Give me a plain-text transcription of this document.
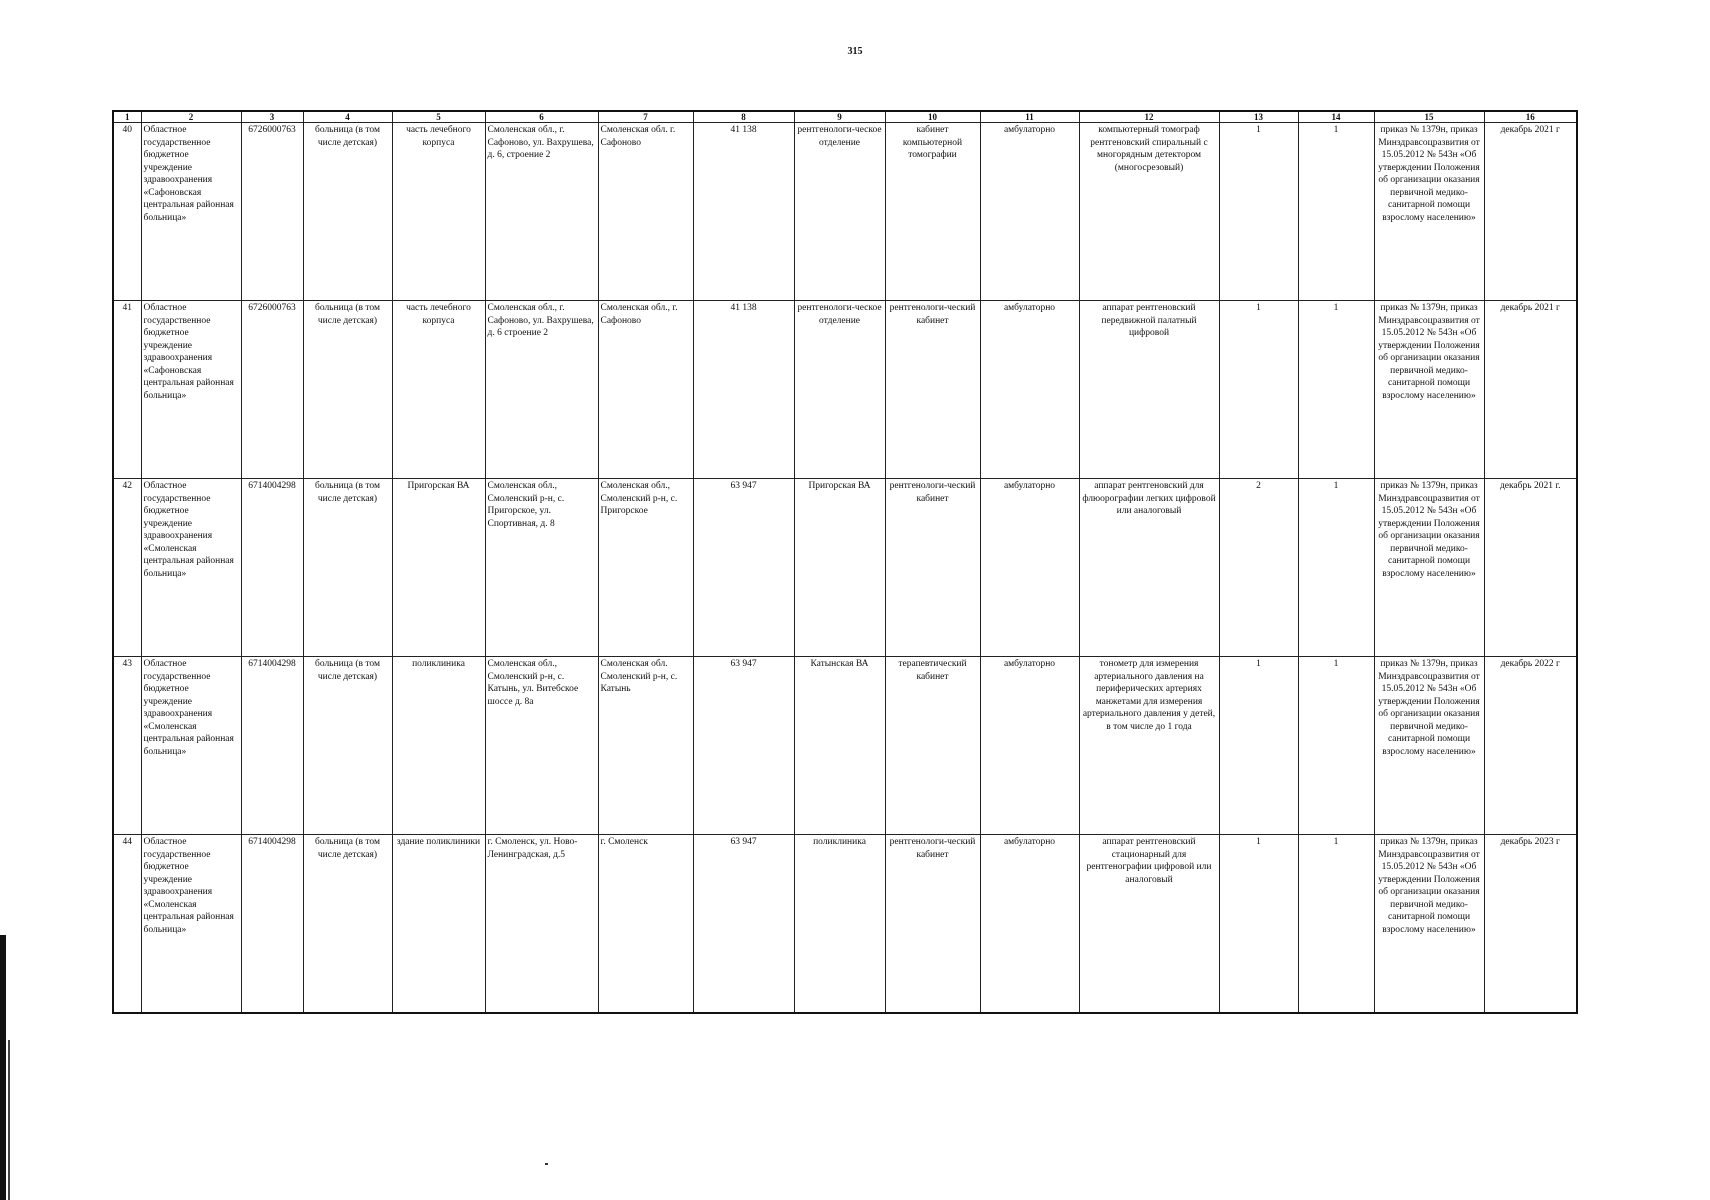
315
1	2	3	4	5	6	7	8	9	10	11	12	13	14	15	16
40	Областное государственное бюджетное учреждение здравоохранения «Сафоновская центральная районная больница»	6726000763	больница (в том числе детская)	часть лечебного корпуса	Смоленская обл., г. Сафоново, ул. Вахрушева, д. 6, строение 2	Смоленская обл. г. Сафоново	41 138	рентгенологи-ческое отделение	кабинет компьютерной томографии	амбулаторно	компьютерный томограф рентгеновский спиральный с многорядным детектором (многосрезовый)	1	1	приказ № 1379н, приказ Минздравсоцразвития от 15.05.2012 № 543н «Об утверждении Положения об организации оказания первичной медико-санитарной помощи взрослому населению»	декабрь 2021 г
41	Областное государственное бюджетное учреждение здравоохранения «Сафоновская центральная районная больница»	6726000763	больница (в том числе детская)	часть лечебного корпуса	Смоленская обл., г. Сафоново, ул. Вахрушева, д. 6 строение 2	Смоленская обл., г. Сафоново	41 138	рентгенологи-ческое отделение	рентгенологи-ческий кабинет	амбулаторно	аппарат рентгеновский передвижной палатный цифровой	1	1	приказ № 1379н, приказ Минздравсоцразвития от 15.05.2012 № 543н «Об утверждении Положения об организации оказания первичной медико-санитарной помощи взрослому населению»	декабрь 2021 г
42	Областное государственное бюджетное учреждение здравоохранения «Смоленская центральная районная больница»	6714004298	больница (в том числе детская)	Пригорская ВА	Смоленская обл., Смоленский р-н, с. Пригорское, ул. Спортивная, д. 8	Смоленская обл., Смоленский р-н, с. Пригорское	63 947	Пригорская ВА	рентгенологи-ческий кабинет	амбулаторно	аппарат рентгеновский для флюорографии легких цифровой или аналоговый	2	1	приказ № 1379н, приказ Минздравсоцразвития от 15.05.2012 № 543н «Об утверждении Положения об организации оказания первичной медико-санитарной помощи взрослому населению»	декабрь 2021 г.
43	Областное государственное бюджетное учреждение здравоохранения «Смоленская центральная районная больница»	6714004298	больница (в том числе детская)	поликлиника	Смоленская обл., Смоленский р-н, с. Катынь, ул. Витебское шоссе д. 8а	Смоленская обл. Смоленский р-н, с. Катынь	63 947	Катынская ВА	терапевтический кабинет	амбулаторно	тонометр для измерения артериального давления на периферических артериях манжетами для измерения артериального давления у детей, в том числе до 1 года	1	1	приказ № 1379н, приказ Минздравсоцразвития от 15.05.2012 № 543н «Об утверждении Положения об организации оказания первичной медико-санитарной помощи взрослому населению»	декабрь 2022 г
44	Областное государственное бюджетное учреждение здравоохранения «Смоленская центральная районная больница»	6714004298	больница (в том числе детская)	здание поликлиники	г. Смоленск, ул. Ново-Ленинградская, д.5	г. Смоленск	63 947	поликлиника	рентгенологи-ческий кабинет	амбулаторно	аппарат рентгеновский стационарный для рентгенографии цифровой или аналоговый	1	1	приказ № 1379н, приказ Минздравсоцразвития от 15.05.2012 № 543н «Об утверждении Положения об организации оказания первичной медико-санитарной помощи взрослому населению»	декабрь 2023 г
